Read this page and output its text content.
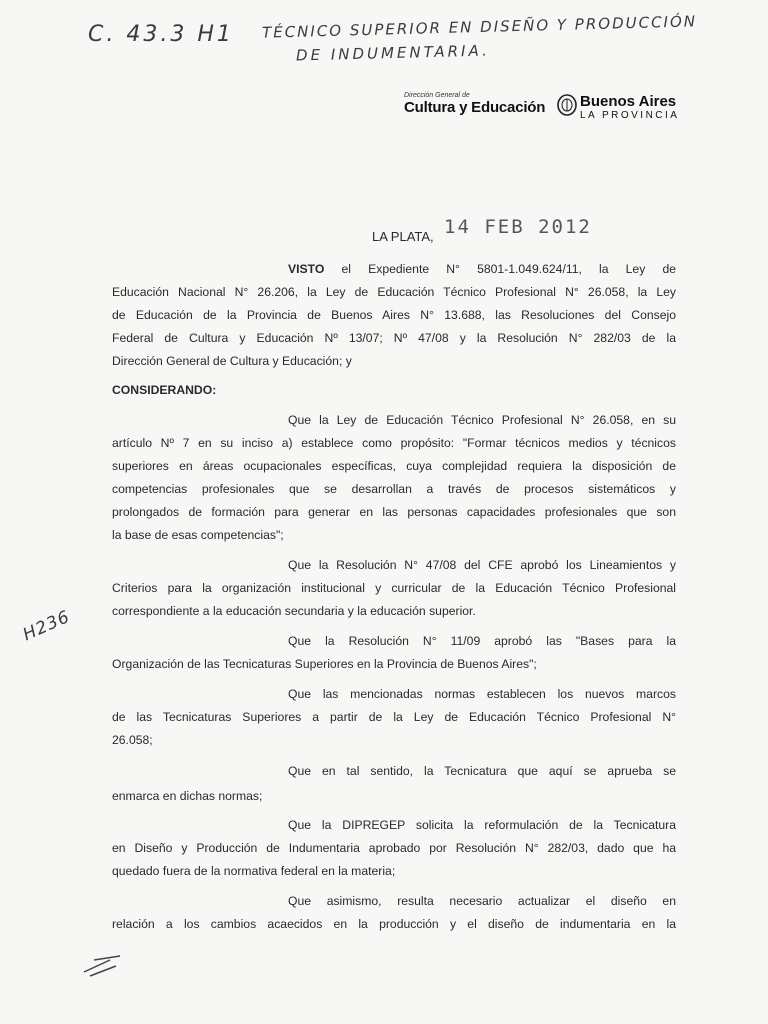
C. 43.3 H1 TÉCNICO SUPERIOR EN DISEÑO Y PRODUCCIÓN
DE INDUMENTARIA.
H236
Dirección General de
Cultura y Educación Buenos Aires
LA PROVINCIA
LA PLATA, 14 FEB 2012
VISTO el Expediente N° 5801-1.049.624/11, la Ley de
Educación Nacional N° 26.206, la Ley de Educación Técnico Profesional N° 26.058, la Ley
de Educación de la Provincia de Buenos Aires N° 13.688, las Resoluciones del Consejo
Federal de Cultura y Educación Nº 13/07; Nº 47/08 y la Resolución N° 282/03 de la
Dirección General de Cultura y Educación; y
CONSIDERANDO:
Que la Ley de Educación Técnico Profesional N° 26.058, en su
artículo Nº 7 en su inciso a) establece como propósito: "Formar técnicos medios y técnicos
superiores en áreas ocupacionales específicas, cuya complejidad requiera la disposición de
competencias profesionales que se desarrollan a través de procesos sistemáticos y
prolongados de formación para generar en las personas capacidades profesionales que son
la base de esas competencias";
Que la Resolución N° 47/08 del CFE aprobó los Lineamientos y
Criterios para la organización institucional y curricular de la Educación Técnico Profesional
correspondiente a la educación secundaria y la educación superior.
Que la Resolución N° 11/09 aprobó las "Bases para la
Organización de las Tecnicaturas Superiores en la Provincia de Buenos Aires";
Que las mencionadas normas establecen los nuevos marcos
de las Tecnicaturas Superiores a partir de la Ley de Educación Técnico Profesional N°
26.058;
Que en tal sentido, la Tecnicatura que aquí se aprueba se
enmarca en dichas normas;
Que la DIPREGEP solicita la reformulación de la Tecnicatura
en Diseño y Producción de Indumentaria aprobado por Resolución N° 282/03, dado que ha
quedado fuera de la normativa federal en la materia;
Que asimismo, resulta necesario actualizar el diseño en
relación a los cambios acaecidos en la producción y el diseño de indumentaria en la
